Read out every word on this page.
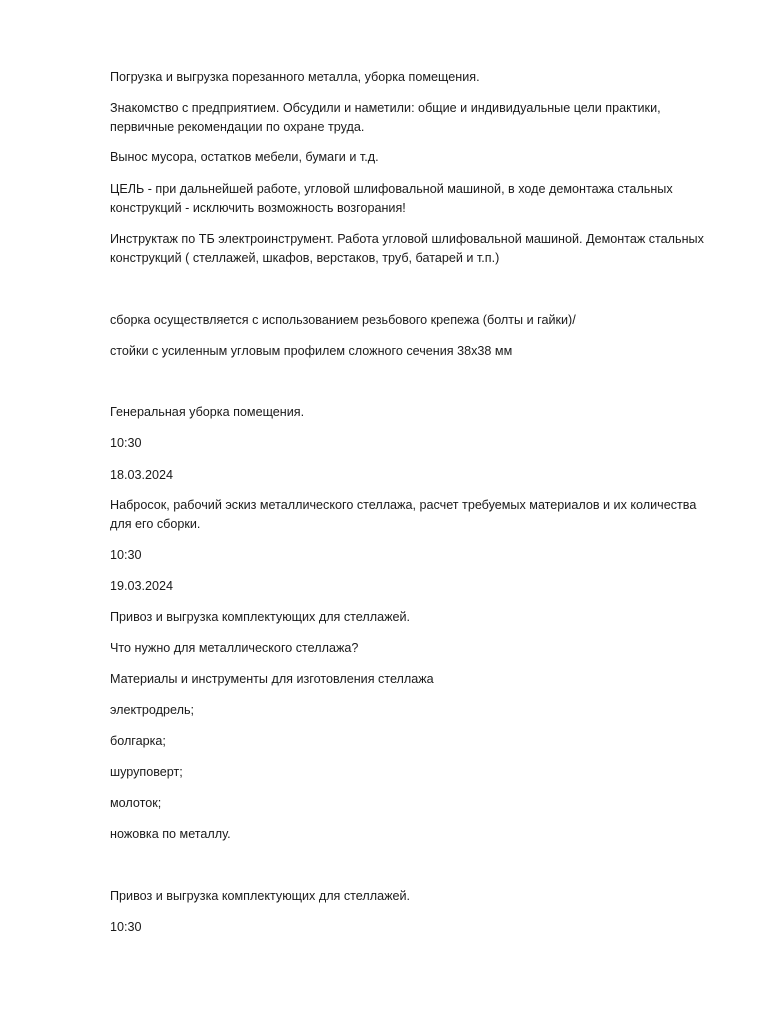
Погрузка и выгрузка порезанного металла, уборка помещения.

Знакомство с предприятием. Обсудили и наметили: общие и индивидуальные цели практики, первичные рекомендации по охране труда.

Вынос мусора, остатков мебели, бумаги и т.д.

ЦЕЛЬ - при дальнейшей работе, угловой шлифовальной машиной, в ходе демонтажа стальных конструкций - исключить возможность возгорания!

Инструктаж по ТБ электроинструмент. Работа угловой шлифовальной машиной. Демонтаж стальных конструкций ( стеллажей, шкафов, верстаков, труб, батарей и т.п.)

сборка осуществляется с использованием резьбового крепежа (болты и гайки)/

стойки с усиленным угловым профилем сложного сечения 38х38 мм

Генеральная уборка помещения.

10:30

18.03.2024

Набросок, рабочий эскиз металлического стеллажа, расчет требуемых материалов и их количества для его сборки.

10:30

19.03.2024

Привоз и выгрузка комплектующих для стеллажей.

Что нужно для металлического стеллажа?

Материалы и инструменты для изготовления стеллажа

электродрель;

болгарка;

шуруповерт;

молоток;

ножовка по металлу.

Привоз и выгрузка комплектующих для стеллажей.

10:30
